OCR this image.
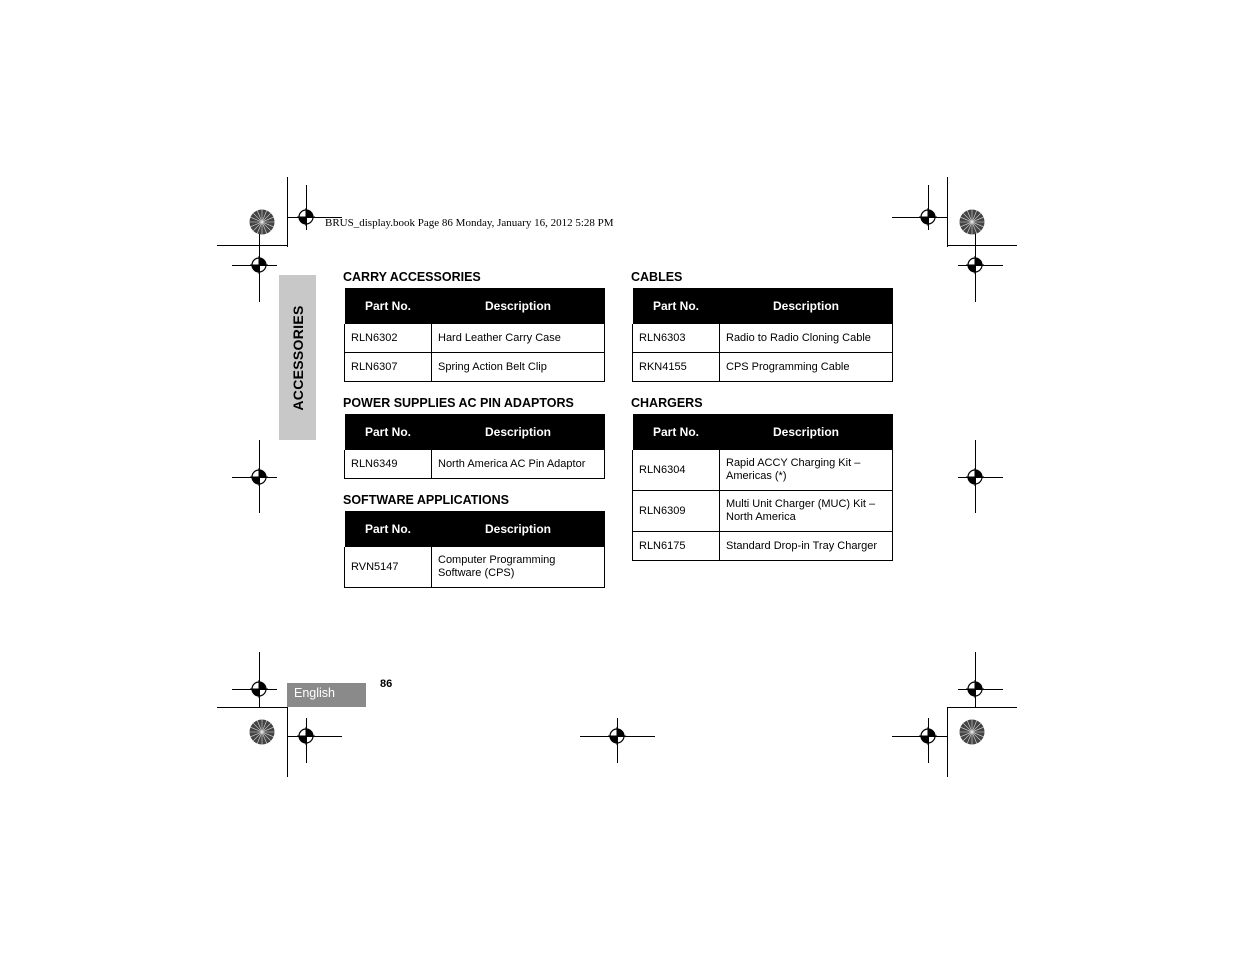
BRUS_display.book Page 86 Monday, January 16, 2012 5:28 PM
ACCESSORIES
CARRY ACCESSORIES
Part No.	Description
RLN6302	Hard Leather Carry Case
RLN6307	Spring Action Belt Clip
POWER SUPPLIES AC PIN ADAPTORS
Part No.	Description
RLN6349	North America AC Pin Adaptor
SOFTWARE APPLICATIONS
Part No.	Description
RVN5147	Computer Programming
Software (CPS)
CABLES
Part No.	Description
RLN6303	Radio to Radio Cloning Cable
RKN4155	CPS Programming Cable
CHARGERS
Part No.	Description
RLN6304	Rapid ACCY Charging Kit –
Americas (*)

RLN6309	Multi Unit Charger (MUC) Kit –
North America

RLN6175	Standard Drop-in Tray Charger
English
86
